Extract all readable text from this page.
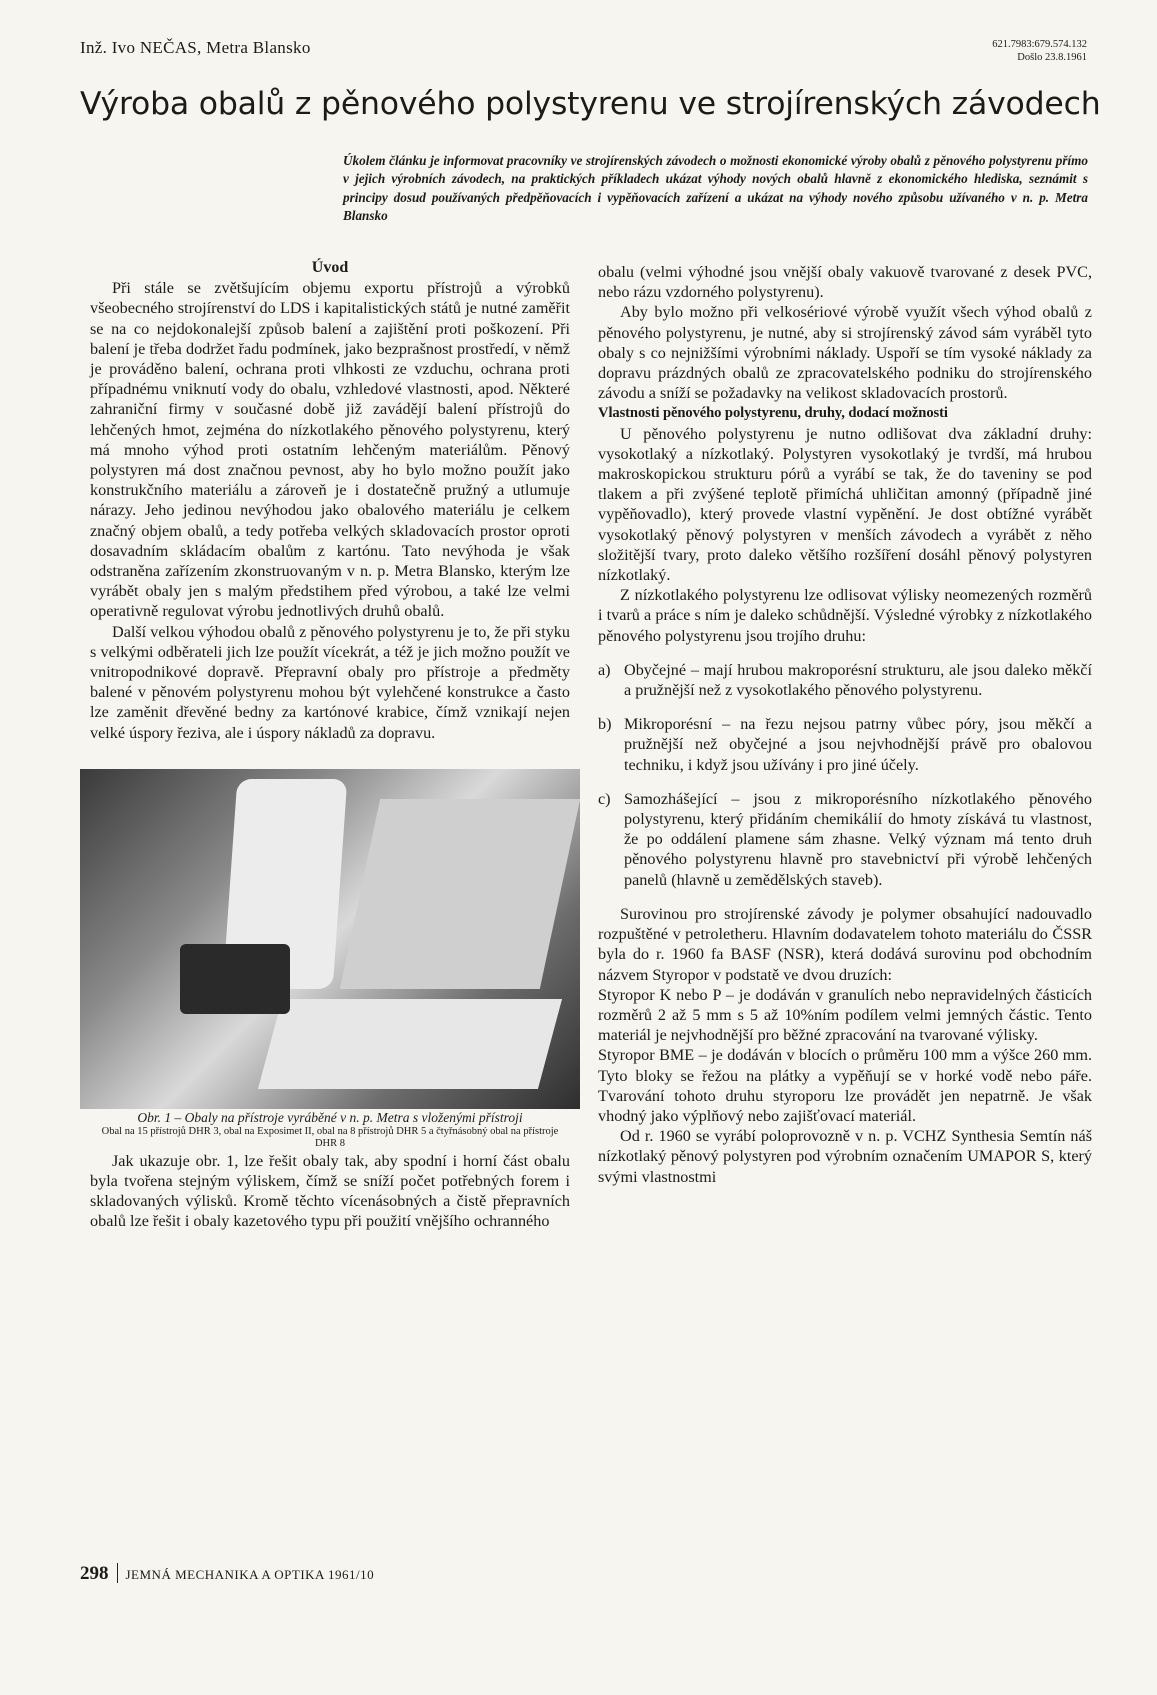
Inž. Ivo NEČAS, Metra Blansko	621.7983:679.574.132
Došlo 23.8.1961
Výroba obalů z pěnového polystyrenu ve strojírenských závodech
Úkolem článku je informovat pracovníky ve strojírenských závodech o možnosti ekonomické výroby obalů z pěnového polystyrenu přímo v jejich výrobních závodech, na praktických příkladech ukázat výhody nových obalů hlavně z ekonomického hlediska, seznámit s principy dosud používaných předpěňovacích i vypěňovacích zařízení a ukázat na výhody nového způsobu užívaného v n. p. Metra Blansko

Úvod

Při stále se zvětšujícím objemu exportu přístrojů a výrobků všeobecného strojírenství do LDS i kapitalistických států je nutné zaměřit se na co nejdokonalejší způsob balení a zajištění proti poškození. Při balení je třeba dodržet řadu podmínek, jako bezprašnost prostředí, v němž je prováděno balení, ochrana proti vlhkosti ze vzduchu, ochrana proti případnému vniknutí vody do obalu, vzhledové vlastnosti, apod. Některé zahraniční firmy v současné době již zavádějí balení přístrojů do lehčených hmot, zejména do nízkotlakého pěnového polystyrenu, který má mnoho výhod proti ostatním lehčeným materiálům. Pěnový polystyren má dost značnou pevnost, aby ho bylo možno použít jako konstrukčního materiálu a zároveň je i dostatečně pružný a utlumuje nárazy. Jeho jedinou nevýhodou jako obalového materiálu je celkem značný objem obalů, a tedy potřeba velkých skladovacích prostor oproti dosavadním skládacím obalům z kartónu. Tato nevýhoda je však odstraněna zařízením zkonstruovaným v n. p. Metra Blansko, kterým lze vyrábět obaly jen s malým předstihem před výrobou, a také lze velmi operativně regulovat výrobu jednotlivých druhů obalů.

Další velkou výhodou obalů z pěnového polystyrenu je to, že při styku s velkými odběrateli jich lze použít vícekrát, a též je jich možno použít ve vnitropodnikové dopravě. Přepravní obaly pro přístroje a předměty balené v pěnovém polystyrenu mohou být vylehčené konstrukce a často lze zaměnit dřevěné bedny za kartónové krabice, čímž vznikají nejen velké úspory řeziva, ale i úspory nákladů za dopravu.

Obr. 1 – Obaly na přístroje vyráběné v n. p. Metra s vloženými přístroji

Obal na 15 přístrojů DHR 3, obal na Exposimet II, obal na 8 přístrojů DHR 5 a čtyřnásobný obal na přístroje DHR 8

Jak ukazuje obr. 1, lze řešit obaly tak, aby spodní i horní část obalu byla tvořena stejným výliskem, čímž se sníží počet potřebných forem i skladovaných výlisků. Kromě těchto vícenásobných a čistě přepravních obalů lze řešit i obaly kazetového typu při použití vnějšího ochranného

obalu (velmi výhodné jsou vnější obaly vakuově tvarované z desek PVC, nebo rázu vzdorného polystyrenu).

Aby bylo možno při velkosériové výrobě využít všech výhod obalů z pěnového polystyrenu, je nutné, aby si strojírenský závod sám vyráběl tyto obaly s co nejnižšími výrobními náklady. Uspoří se tím vysoké náklady za dopravu prázdných obalů ze zpracovatelského podniku do strojírenského závodu a sníží se požadavky na velikost skladovacích prostorů.

Vlastnosti pěnového polystyrenu, druhy, dodací možnosti

U pěnového polystyrenu je nutno odlišovat dva základní druhy: vysokotlaký a nízkotlaký. Polystyren vysokotlaký je tvrdší, má hrubou makroskopickou strukturu pórů a vyrábí se tak, že do taveniny se pod tlakem a při zvýšené teplotě přimíchá uhličitan amonný (případně jiné vypěňovadlo), který provede vlastní vypěnění. Je dost obtížné vyrábět vysokotlaký pěnový polystyren v menších závodech a vyrábět z něho složitější tvary, proto daleko většího rozšíření dosáhl pěnový polystyren nízkotlaký.

Z nízkotlakého polystyrenu lze odlisovat výlisky neomezených rozměrů i tvarů a práce s ním je daleko schůdnější. Výsledné výrobky z nízkotlakého pěnového polystyrenu jsou trojího druhu:

a) Obyčejné – mají hrubou makroporésní strukturu, ale jsou daleko měkčí a pružnější než z vysokotlakého pěnového polystyrenu.
b) Mikroporésní – na řezu nejsou patrny vůbec póry, jsou měkčí a pružnější než obyčejné a jsou nejvhodnější právě pro obalovou techniku, i když jsou užívány i pro jiné účely.
c) Samozhášející – jsou z mikroporésního nízkotlakého pěnového polystyrenu, který přidáním chemikálií do hmoty získává tu vlastnost, že po oddálení plamene sám zhasne. Velký význam má tento druh pěnového polystyrenu hlavně pro stavebnictví při výrobě lehčených panelů (hlavně u zemědělských staveb).

Surovinou pro strojírenské závody je polymer obsahující nadouvadlo rozpuštěné v petroletheru. Hlavním dodavatelem tohoto materiálu do ČSSR byla do r. 1960 fa BASF (NSR), která dodává surovinu pod obchodním názvem Styropor v podstatě ve dvou druzích:

Styropor K nebo P – je dodáván v granulích nebo nepravidelných částicích rozměrů 2 až 5 mm s 5 až 10%ním podílem velmi jemných částic. Tento materiál je nejvhodnější pro běžné zpracování na tvarované výlisky.

Styropor BME – je dodáván v blocích o průměru 100 mm a výšce 260 mm. Tyto bloky se řežou na plátky a vypěňují se v horké vodě nebo páře. Tvarování tohoto druhu styroporu lze provádět jen nepatrně. Je však vhodný jako výplňový nebo zajišťovací materiál.

Od r. 1960 se vyrábí poloprovozně v n. p. VCHZ Synthesia Semtín náš nízkotlaký pěnový polystyren pod výrobním označením UMAPOR S, který svými vlastnostmi

298 JEMNÁ MECHANIKA A OPTIKA 1961/10
